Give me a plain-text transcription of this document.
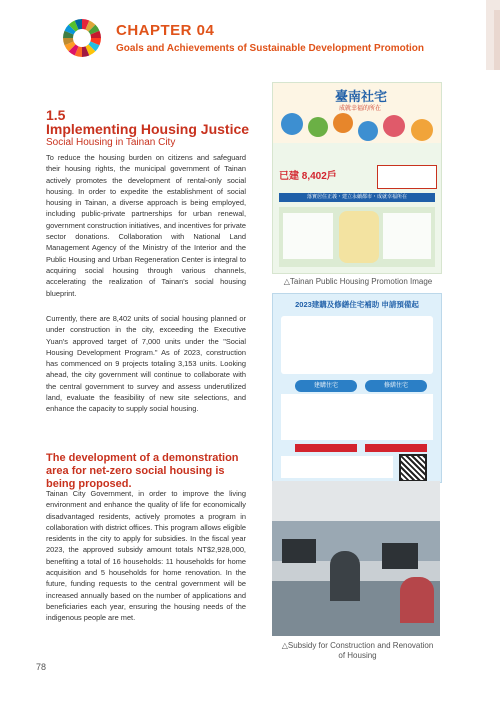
CHAPTER 04
Goals and Achievements of Sustainable Development Promotion
1.5
Implementing Housing Justice
Social Housing in Tainan City

To reduce the housing burden on citizens and safeguard their housing rights, the municipal government of Tainan actively promotes the development of rental-only social housing. In order to expedite the establishment of social housing in Tainan, a diverse approach is being employed, including public-private partnerships for urban renewal, government construction initiatives, and incentives for private sector donations. Collaboration with National Land Management Agency of the Ministry of the Interior and the Public Housing and Urban Regeneration Center is integral to acquiring social housing through various channels, accelerating the realization of Tainan's social housing blueprint.

Currently, there are 8,402 units of social housing planned or under construction in the city, exceeding the Executive Yuan's approved target of 7,000 units under the "Social Housing Development Program." As of 2023, construction has commenced on 9 projects totaling 3,153 units. Looking ahead, the city government will continue to collaborate with the central government to survey and assess underutilized land, evaluate the feasibility of new site selections, and enhance the capacity to supply social housing.

The development of a demonstration area for net-zero social housing is being proposed.

Tainan City Government, in order to improve the living environment and enhance the quality of life for economically disadvantaged residents, actively promotes a program in collaboration with district offices. This program allows eligible residents in the city to apply for subsidies. In the fiscal year 2023, the approved subsidy amount totals NT$2,928,000, benefiting a total of 16 households: 11 households for home acquisition and 5 households for home renovation. In the future, funding requests to the central government will be increased annually based on the number of applications and beneficiaries each year, ensuring the housing needs of the indigenous people are met.

78
臺南社宅
成就幸福的所在
已建 8,402戶
落實居住正義・建立永續都市・成就幸福所在
△Tainan Public Housing Promotion Image
2023建購及修繕住宅補助 申請預備起
建購住宅	修繕住宅
△Subsidy for Construction and Renovation of Housing
